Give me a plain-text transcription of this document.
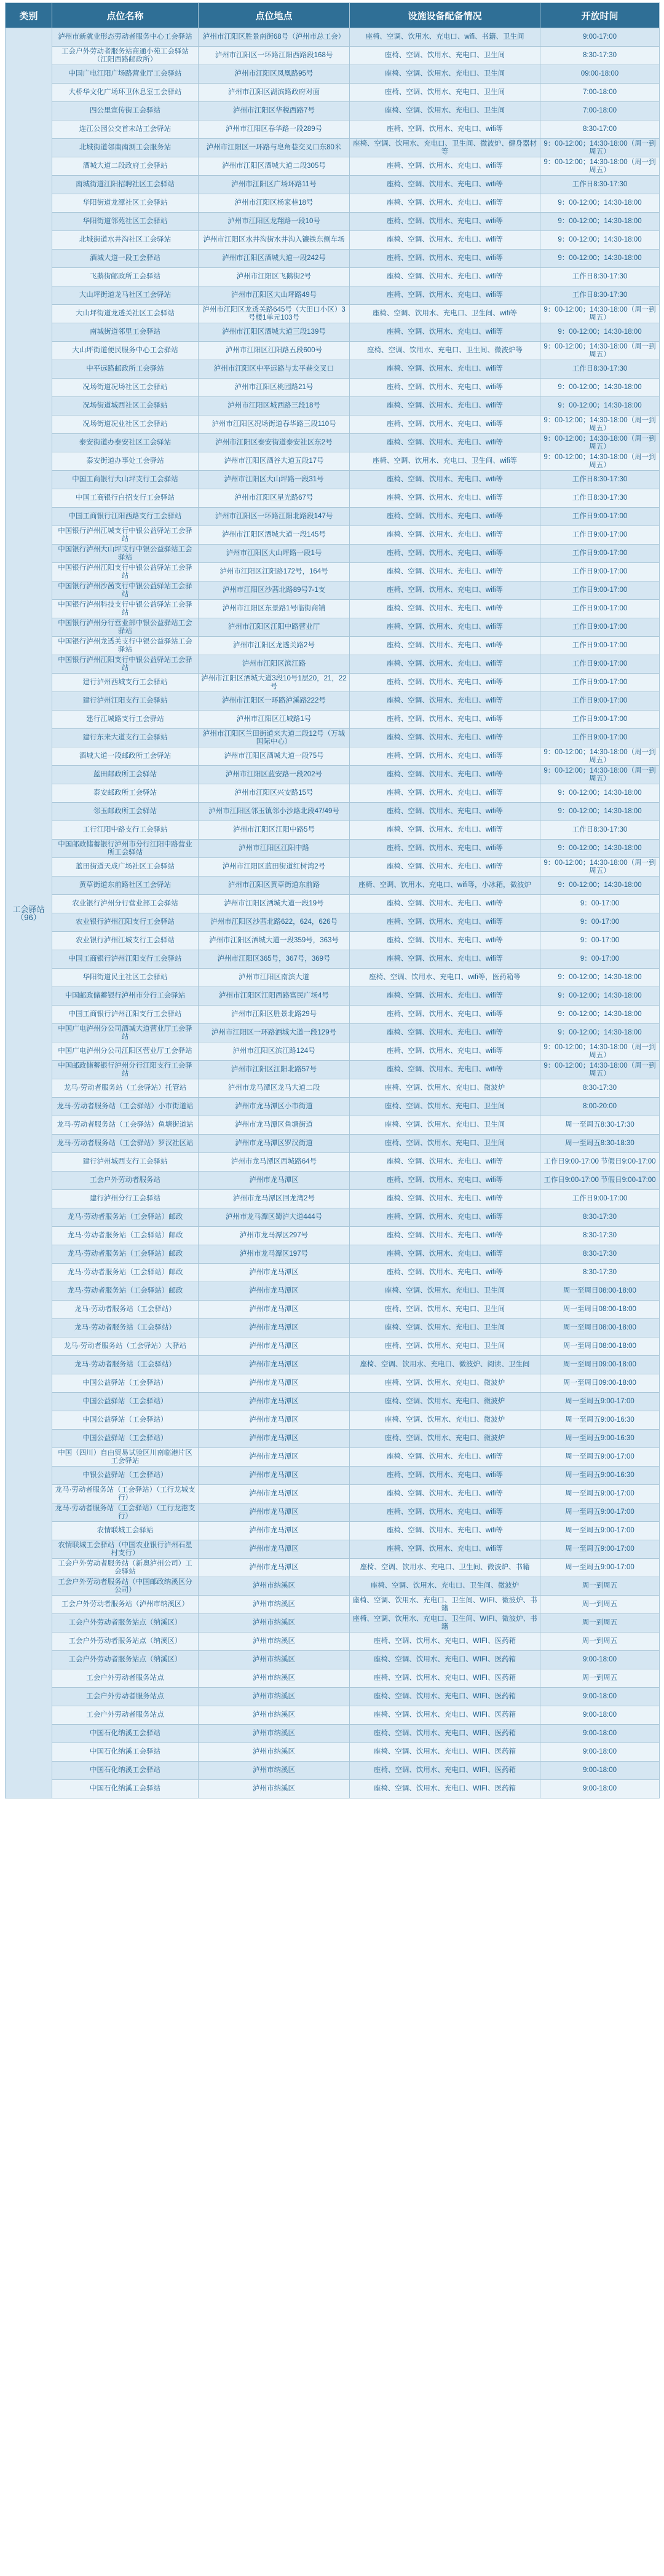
类别	点位名称	点位地点	设施设备配备情况	开放时间

工会驿站
（96）	泸州市新就业形态劳动者服务中心工会驿站	泸州市江阳区胜景南街68号（泸州市总工会）	座椅、空调、饮用水、充电口、wifi、书籍、卫生间	9:00-17:00
	工会户外劳动者服务站商通小苑工会驿站（江阳西路邮政所）	泸州市江阳区一环路江阳西路段168号	座椅、空调、饮用水、充电口、卫生间	8:30-17:30
	中国广电江阳广场路营业厅工会驿站	泸州市江阳区凤凰路95号	座椅、空调、饮用水、充电口、卫生间	09:00-18:00
	大桥华文化广场环卫休息室工会驿站	泸州市江阳区湖滨路政府对面	座椅、空调、饮用水、充电口、卫生间	7:00-18:00
	四公里宣传街工会驿站	泸州市江阳区华税西路7号	座椅、空调、饮用水、充电口、卫生间	7:00-18:00
	连江公园公交首末站工会驿站	泸州市江阳区春华路一段289号	座椅、空调、饮用水、充电口、wifi等	8:30-17:00
	北城街道邻南南测工会服务站	泸州市江阳区一环路与皂角巷交叉口东80米	座椅、空调、饮用水、充电口、卫生间、微波炉、健身器材等	9：00-12:00；14:30-18:00（周一到周五）
	酒城大道二段政府工会驿站	泸州市江阳区酒城大道二段305号	座椅、空调、饮用水、充电口、wifi等	9：00-12:00；14:30-18:00（周一到周五）
	南城街道江阳招聘社区工会驿站	泸州市江阳区广场环路11号	座椅、空调、饮用水、充电口、wifi等	工作日8:30-17:30
	华阳街道龙潭社区工会驿站	泸州市江阳区杨家巷18号	座椅、空调、饮用水、充电口、wifi等	9：00-12:00；14:30-18:00
	华阳街道邻苑社区工会驿站	泸州市江阳区龙翔路一段10号	座椅、空调、饮用水、充电口、wifi等	9：00-12:00；14:30-18:00
	北城街道水井沟社区工会驿站	泸州市江阳区水井沟街水井沟入镰铁东侧车场	座椅、空调、饮用水、充电口、wifi等	9：00-12:00；14:30-18:00
	酒城大道一段工会驿站	泸州市江阳区酒城大道一段242号	座椅、空调、饮用水、充电口、wifi等	9：00-12:00；14:30-18:00
	飞鹅街邮政所工会驿站	泸州市江阳区飞鹅街2号	座椅、空调、饮用水、充电口、wifi等	工作日8:30-17:30
	大山坪街道龙马社区工会驿站	泸州市江阳区大山坪路49号	座椅、空调、饮用水、充电口、wifi等	工作日8:30-17:30
	大山坪街道龙透关社区工会驿站	泸州市江阳区龙透关路645号（大田口小区）3号楼1单元103号	座椅、空调、饮用水、充电口、卫生间、wifi等	9：00-12:00；14:30-18:00（周一到周五）
	南城街道邻里工会驿站	泸州市江阳区酒城大道三段139号	座椅、空调、饮用水、充电口、wifi等	9：00-12:00；14:30-18:00
	大山坪街道便民服务中心工会驿站	泸州市江阳区江阳路五段600号	座椅、空调、饮用水、充电口、卫生间、微波炉等	9：00-12:00；14:30-18:00（周一到周五）
	中平远路邮政所工会驿站	泸州市江阳区中平远路与太平巷交叉口	座椅、空调、饮用水、充电口、wifi等	工作日8:30-17:30
	况场街道况场社区工会驿站	泸州市江阳区桃园路21号	座椅、空调、饮用水、充电口、wifi等	9：00-12:00；14:30-18:00
	况场街道城西社区工会驿站	泸州市江阳区城西路三段18号	座椅、空调、饮用水、充电口、wifi等	9：00-12:00；14:30-18:00
	况场街道况业社区工会驿站	泸州市江阳区况场街道春华路三段110号	座椅、空调、饮用水、充电口、wifi等	9：00-12:00；14:30-18:00（周一到周五）
	泰安街道办泰安社区工会驿站	泸州市江阳区泰安街道泰安社区东2号	座椅、空调、饮用水、充电口、wifi等	9：00-12:00；14:30-18:00（周一到周五）
	泰安街道办事处工会驿站	泸州市江阳区酒谷大道五段17号	座椅、空调、饮用水、充电口、卫生间、wifi等	9：00-12:00；14:30-18:00（周一到周五）
	中国工商银行大山坪支行工会驿站	泸州市江阳区大山坪路一段31号	座椅、空调、饮用水、充电口、wifi等	工作日8:30-17:30
	中国工商银行白招支行工会驿站	泸州市江阳区星光路67号	座椅、空调、饮用水、充电口、wifi等	工作日8:30-17:30
	中国工商银行江阳西路支行工会驿站	泸州市江阳区一环路江阳北路段147号	座椅、空调、饮用水、充电口、wifi等	工作日9:00-17:00
	中国银行泸州江城支行中银公益驿站工会驿站	泸州市江阳区酒城大道一段145号	座椅、空调、饮用水、充电口、wifi等	工作日9:00-17:00
	中国银行泸州大山坪支行中银公益驿站工会驿站	泸州市江阳区大山坪路一段1号	座椅、空调、饮用水、充电口、wifi等	工作日9:00-17:00
	中国银行泸州江阳支行中银公益驿站工会驿站	泸州市江阳区江阳路172号，164号	座椅、空调、饮用水、充电口、wifi等	工作日9:00-17:00
	中国银行泸州沙茜支行中银公益驿站工会驿站	泸州市江阳区沙茜北路89号7-1支	座椅、空调、饮用水、充电口、wifi等	工作日9:00-17:00
	中国银行泸州科技支行中银公益驿站工会驿站	泸州市江阳区东景路1号临街商铺	座椅、空调、饮用水、充电口、wifi等	工作日9:00-17:00
	中国银行泸州分行营业部中银公益驿站工会驿站	泸州市江阳区江阳中路营业厅	座椅、空调、饮用水、充电口、wifi等	工作日9:00-17:00
	中国银行泸州龙透关支行中银公益驿站工会驿站	泸州市江阳区龙透关路2号	座椅、空调、饮用水、充电口、wifi等	工作日9:00-17:00
	中国银行泸州江阳支行中银公益驿站工会驿站	泸州市江阳区滨江路	座椅、空调、饮用水、充电口、wifi等	工作日9:00-17:00
	建行泸州西城支行工会驿站	泸州市江阳区酒城大道3段10号1层20，21，22号	座椅、空调、饮用水、充电口、wifi等	工作日9:00-17:00
	建行泸州江阳支行工会驿站	泸州市江阳区一环路泸溪路222号	座椅、空调、饮用水、充电口、wifi等	工作日9:00-17:00
	建行江城路支行工会驿站	泸州市江阳区江城路1号	座椅、空调、饮用水、充电口、wifi等	工作日9:00-17:00
	建行东来大道支行工会驿站	泸州市江阳区兰田街道来大道二段12号（万城国际中心）	座椅、空调、饮用水、充电口、wifi等	工作日9:00-17:00
	酒城大道一段邮政所工会驿站	泸州市江阳区酒城大道一段75号	座椅、空调、饮用水、充电口、wifi等	9：00-12:00；14:30-18:00（周一到周五）
	蓝田邮政所工会驿站	泸州市江阳区蓝安路一段202号	座椅、空调、饮用水、充电口、wifi等	9：00-12:00；14:30-18:00（周一到周五）
	泰安邮政所工会驿站	泸州市江阳区兴安路15号	座椅、空调、饮用水、充电口、wifi等	9：00-12:00；14:30-18:00
	邻玉邮政所工会驿站	泸州市江阳区邻玉镇邻小沙路北段47/49号	座椅、空调、饮用水、充电口、wifi等	9：00-12:00；14:30-18:00
	工行江阳中路支行工会驿站	泸州市江阳区江阳中路5号	座椅、空调、饮用水、充电口、wifi等	工作日8:30-17:30
	中国邮政储蓄银行泸州市分行江阳中路营业所工会驿站	泸州市江阳区江阳中路	座椅、空调、饮用水、充电口、wifi等	9：00-12:00；14:30-18:00
	蓝田街道天成广场社区工会驿站	泸州市江阳区蓝田街道红树湾2号	座椅、空调、饮用水、充电口、wifi等	9：00-12:00；14:30-18:00（周一到周五）
	黄草街道东前路社区工会驿站	泸州市江阳区黄草街道东前路	座椅、空调、饮用水、充电口、wifi等，小冰箱，微波炉	9：00-12:00；14:30-18:00
	农业银行泸州分行营业部工会驿站	泸州市江阳区酒城大道一段19号	座椅、空调、饮用水、充电口、wifi等	9：00-17:00
	农业银行泸州江阳支行工会驿站	泸州市江阳区沙茜北路622，624，626号	座椅、空调、饮用水、充电口、wifi等	9：00-17:00
	农业银行泸州江城支行工会驿站	泸州市江阳区酒城大道一段359号，363号	座椅、空调、饮用水、充电口、wifi等	9：00-17:00
	中国工商银行泸州江阳支行工会驿站	泸州市江阳区365号，367号，369号	座椅、空调、饮用水、充电口、wifi等	9：00-17:00
	华阳街道民主社区工会驿站	泸州市江阳区南滨大道	座椅、空调、饮用水、充电口、wifi等，医药箱等	9：00-12:00；14:30-18:00
	中国邮政储蓄银行泸州市分行工会驿站	泸州市江阳区江阳西路富民广场4号	座椅、空调、饮用水、充电口、wifi等	9：00-12:00；14:30-18:00
	中国工商银行泸州江阳支行工会驿站	泸州市江阳区胜景北路29号	座椅、空调、饮用水、充电口、wifi等	9：00-12:00；14:30-18:00
	中国广电泸州分公司酒城大道营业厅工会驿站	泸州市江阳区一环路酒城大道一段129号	座椅、空调、饮用水、充电口、wifi等	9：00-12:00；14:30-18:00
	中国广电泸州分公司江阳区营业厅工会驿站	泸州市江阳区滨江路124号	座椅、空调、饮用水、充电口、wifi等	9：00-12:00；14:30-18:00（周一到周五）
	中国邮政储蓄银行泸州分行江阳支行工会驿站	泸州市江阳区江阳北路57号	座椅、空调、饮用水、充电口、wifi等	9：00-12:00；14:30-18:00（周一到周五）
	龙马·劳动者服务站（工会驿站）托管站	泸州市龙马潭区龙马大道二段	座椅、空调、饮用水、充电口、微波炉	8:30-17:30
	龙马·劳动者服务站（工会驿站）小市街道站	泸州市龙马潭区小市街道	座椅、空调、饮用水、充电口、卫生间	8:00-20:00
	龙马·劳动者服务站（工会驿站）鱼塘街道站	泸州市龙马潭区鱼塘街道	座椅、空调、饮用水、充电口、卫生间	周一至周五8:30-17:30
	龙马·劳动者服务站（工会驿站）罗汉社区站	泸州市龙马潭区罗汉街道	座椅、空调、饮用水、充电口、卫生间	周一至周五8:30-18:30
	建行泸州城西支行工会驿站	泸州市龙马潭区西城路64号	座椅、空调、饮用水、充电口、wifi等	工作日9:00-17:00 节假日9:00-17:00
	工会户外劳动者服务站	泸州市龙马潭区	座椅、空调、饮用水、充电口、wifi等	工作日9:00-17:00 节假日9:00-17:00
	建行泸州分行工会驿站	泸州市龙马潭区回龙湾2号	座椅、空调、饮用水、充电口、wifi等	工作日9:00-17:00
	龙马·劳动者服务站（工会驿站）邮政	泸州市龙马潭区蜀泸大道444号	座椅、空调、饮用水、充电口、wifi等	8:30-17:30
	龙马·劳动者服务站（工会驿站）邮政	泸州市龙马潭区297号	座椅、空调、饮用水、充电口、wifi等	8:30-17:30
	龙马·劳动者服务站（工会驿站）邮政	泸州市龙马潭区197号	座椅、空调、饮用水、充电口、wifi等	8:30-17:30
	龙马·劳动者服务站（工会驿站）邮政	泸州市龙马潭区	座椅、空调、饮用水、充电口、wifi等	8:30-17:30
	龙马·劳动者服务站（工会驿站）邮政	泸州市龙马潭区	座椅、空调、饮用水、充电口、卫生间	周一至周日08:00-18:00
	龙马·劳动者服务站（工会驿站）	泸州市龙马潭区	座椅、空调、饮用水、充电口、卫生间	周一至周日08:00-18:00
	龙马·劳动者服务站（工会驿站）	泸州市龙马潭区	座椅、空调、饮用水、充电口、卫生间	周一至周日08:00-18:00
	龙马·劳动者服务站（工会驿站）大驿站	泸州市龙马潭区	座椅、空调、饮用水、充电口、卫生间	周一至周日08:00-18:00
	龙马·劳动者服务站（工会驿站）	泸州市龙马潭区	座椅、空调、饮用水、充电口、微波炉、阅读、卫生间	周一至周日09:00-18:00
	中国公益驿站（工会驿站）	泸州市龙马潭区	座椅、空调、饮用水、充电口、微波炉	周一至周日09:00-18:00
	中国公益驿站（工会驿站）	泸州市龙马潭区	座椅、空调、饮用水、充电口、微波炉	周一至周五9:00-17:00
	中国公益驿站（工会驿站）	泸州市龙马潭区	座椅、空调、饮用水、充电口、微波炉	周一至周五9:00-16:30
	中国公益驿站（工会驿站）	泸州市龙马潭区	座椅、空调、饮用水、充电口、微波炉	周一至周五9:00-16:30
	中国（四川）自由贸易试验区川南临港片区工会驿站	泸州市龙马潭区	座椅、空调、饮用水、充电口、wifi等	周一至周五9:00-17:00
	中银公益驿站（工会驿站）	泸州市龙马潭区	座椅、空调、饮用水、充电口、wifi等	周一至周五9:00-16:30
	龙马·劳动者服务站（工会驿站）（工行龙城支行）	泸州市龙马潭区	座椅、空调、饮用水、充电口、wifi等	周一至周五9:00-17:00
	龙马·劳动者服务站（工会驿站）（工行龙港支行）	泸州市龙马潭区	座椅、空调、饮用水、充电口、wifi等	周一至周五9:00-17:00
	农情联城工会驿站	泸州市龙马潭区	座椅、空调、饮用水、充电口、wifi等	周一至周五9:00-17:00
	农情联城工会驿站（中国农业银行泸州石星村支行）	泸州市龙马潭区	座椅、空调、饮用水、充电口、wifi等	周一至周五9:00-17:00
	工会户外劳动者服务站（新奥泸州公司）工会驿站	泸州市龙马潭区	座椅、空调、饮用水、充电口、卫生间、微波炉、书籍	周一至周五9:00-17:00
	工会户外劳动者服务站（中国邮政纳溪区分公司）	泸州市纳溪区	座椅、空调、饮用水、充电口、卫生间、微波炉	周一到周五
	工会户外劳动者服务站（泸州市纳溪区）	泸州市纳溪区	座椅、空调、饮用水、充电口、卫生间、WIFI、微波炉、书籍	周一到周五
	工会户外劳动者服务站点（纳溪区）	泸州市纳溪区	座椅、空调、饮用水、充电口、卫生间、WIFI、微波炉、书籍	周一到周五
	工会户外劳动者服务站点（纳溪区）	泸州市纳溪区	座椅、空调、饮用水、充电口、WIFI、医药箱	周一到周五
	工会户外劳动者服务站点（纳溪区）	泸州市纳溪区	座椅、空调、饮用水、充电口、WIFI、医药箱	9:00-18:00
	工会户外劳动者服务站点	泸州市纳溪区	座椅、空调、饮用水、充电口、WIFI、医药箱	周一到周五
	工会户外劳动者服务站点	泸州市纳溪区	座椅、空调、饮用水、充电口、WIFI、医药箱	9:00-18:00
	工会户外劳动者服务站点	泸州市纳溪区	座椅、空调、饮用水、充电口、WIFI、医药箱	9:00-18:00
	中国石化纳溪工会驿站	泸州市纳溪区	座椅、空调、饮用水、充电口、WIFI、医药箱	9:00-18:00
	中国石化纳溪工会驿站	泸州市纳溪区	座椅、空调、饮用水、充电口、WIFI、医药箱	9:00-18:00
	中国石化纳溪工会驿站	泸州市纳溪区	座椅、空调、饮用水、充电口、WIFI、医药箱	9:00-18:00
	中国石化纳溪工会驿站	泸州市纳溪区	座椅、空调、饮用水、充电口、WIFI、医药箱	9:00-18:00
